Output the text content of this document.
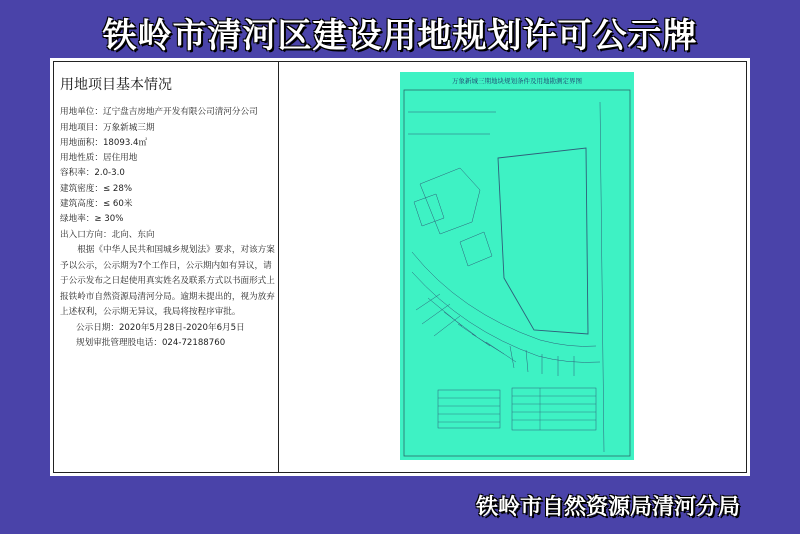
铁岭市清河区建设用地规划许可公示牌
用地项目基本情况
用地单位：辽宁盘吉房地产开发有限公司清河分公司
用地项目：万象新城三期
用地面积：18093.4㎡
用地性质：居住用地
容积率：2.0-3.0
建筑密度：≤ 28%
建筑高度：≤ 60米
绿地率：≥ 30%
出入口方向：北向、东向
根据《中华人民共和国城乡规划法》要求，对该方案予以公示，公示期为7个工作日，公示期内如有异议，请于公示发布之日起使用真实姓名及联系方式以书面形式上报铁岭市自然资源局清河分局。逾期未提出的，视为放弃上述权利，公示期无异议，我局将按程序审批。
公示日期：2020年5月28日-2020年6月5日
规划审批管理股电话：024-72188760
万象新城三期地块规划条件及用地勘测定界图
铁岭市自然资源局清河分局
